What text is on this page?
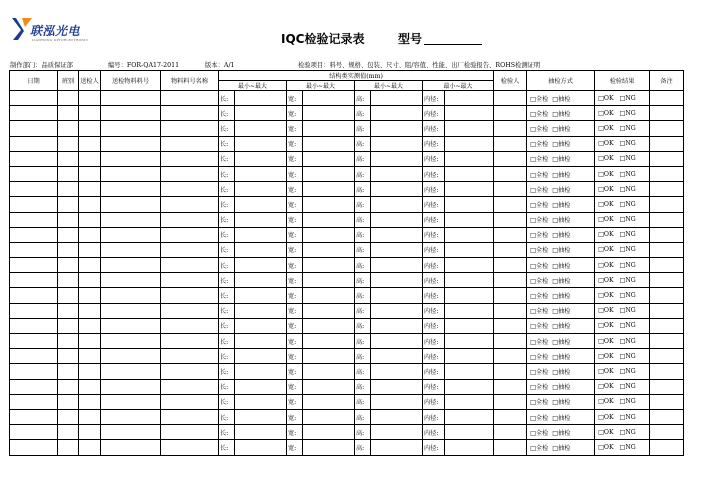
联泓光电
LIANHONG OPTOELECTRONIC	IQC检验记录表	型号
制作部门：品质保证部	编号：FOR-QA17-2011	版本：A/1	检验项目：料号、规格、包装、尺寸、阻/容值、性能、出厂检验报告、ROHS检测证明
日期	班别	送检人	送检物料料号	物料料号名称	结构类实测值(mm)								检验人	抽检方式	检验结果	备注
					最小~最大		最小~最大		最小~最大		最小~最大					
					长:		宽:		高:		内径:			□全检 □抽检	□OK □NG	
					长:		宽:		高:		内径:			□全检 □抽检	□OK □NG	
					长:		宽:		高:		内径:			□全检 □抽检	□OK □NG	
					长:		宽:		高:		内径:			□全检 □抽检	□OK □NG	
					长:		宽:		高:		内径:			□全检 □抽检	□OK □NG	
					长:		宽:		高:		内径:			□全检 □抽检	□OK □NG	
					长:		宽:		高:		内径:			□全检 □抽检	□OK □NG	
					长:		宽:		高:		内径:			□全检 □抽检	□OK □NG	
					长:		宽:		高:		内径:			□全检 □抽检	□OK □NG	
					长:		宽:		高:		内径:			□全检 □抽检	□OK □NG	
					长:		宽:		高:		内径:			□全检 □抽检	□OK □NG	
					长:		宽:		高:		内径:			□全检 □抽检	□OK □NG	
					长:		宽:		高:		内径:			□全检 □抽检	□OK □NG	
					长:		宽:		高:		内径:			□全检 □抽检	□OK □NG	
					长:		宽:		高:		内径:			□全检 □抽检	□OK □NG	
					长:		宽:		高:		内径:			□全检 □抽检	□OK □NG	
					长:		宽:		高:		内径:			□全检 □抽检	□OK □NG	
					长:		宽:		高:		内径:			□全检 □抽检	□OK □NG	
					长:		宽:		高:		内径:			□全检 □抽检	□OK □NG	
					长:		宽:		高:		内径:			□全检 □抽检	□OK □NG	
					长:		宽:		高:		内径:			□全检 □抽检	□OK □NG	
					长:		宽:		高:		内径:			□全检 □抽检	□OK □NG	
					长:		宽:		高:		内径:			□全检 □抽检	□OK □NG	
					长:		宽:		高:		内径:			□全检 □抽检	□OK □NG	
